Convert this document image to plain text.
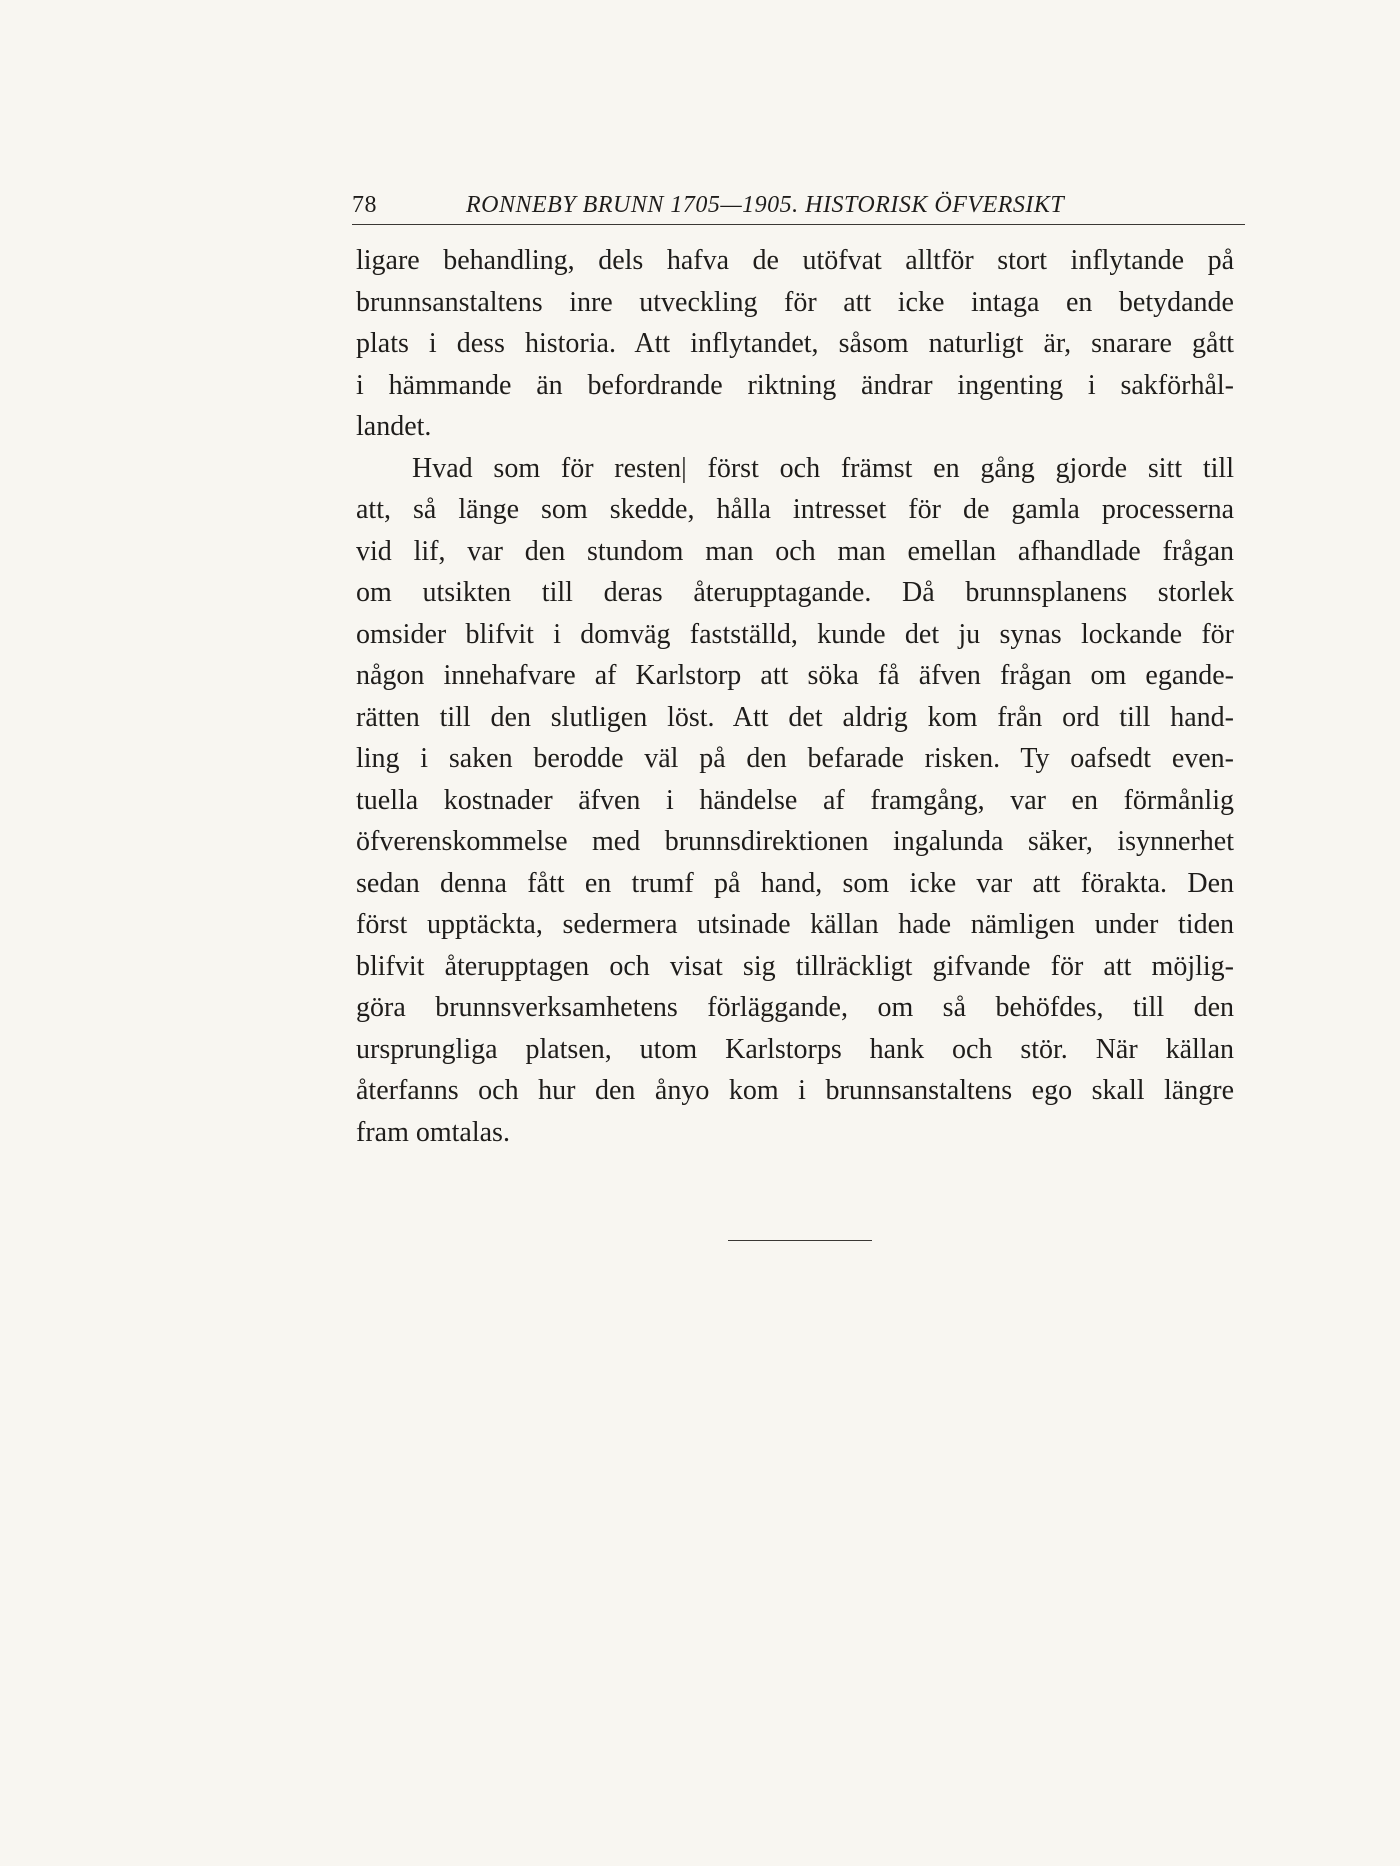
78	RONNEBY BRUNN 1705—1905. HISTORISK ÖFVERSIKT
ligare behandling, dels hafva de utöfvat alltför stort inflytande på
brunnsanstaltens inre utveckling för att icke intaga en betydande
plats i dess historia. Att inflytandet, såsom naturligt är, snarare gått
i hämmande än befordrande riktning ändrar ingenting i sakförhål-
landet.
Hvad som för resten| först och främst en gång gjorde sitt till
att, så länge som skedde, hålla intresset för de gamla processerna
vid lif, var den stundom man och man emellan afhandlade frågan
om utsikten till deras återupptagande. Då brunnsplanens storlek
omsider blifvit i domväg fastställd, kunde det ju synas lockande för
någon innehafvare af Karlstorp att söka få äfven frågan om egande-
rätten till den slutligen löst. Att det aldrig kom från ord till hand-
ling i saken berodde väl på den befarade risken. Ty oafsedt even-
tuella kostnader äfven i händelse af framgång, var en förmånlig
öfverenskommelse med brunnsdirektionen ingalunda säker, isynnerhet
sedan denna fått en trumf på hand, som icke var att förakta. Den
först upptäckta, sedermera utsinade källan hade nämligen under tiden
blifvit återupptagen och visat sig tillräckligt gifvande för att möjlig-
göra brunnsverksamhetens förläggande, om så behöfdes, till den
ursprungliga platsen, utom Karlstorps hank och stör. När källan
återfanns och hur den ånyo kom i brunnsanstaltens ego skall längre
fram omtalas.
